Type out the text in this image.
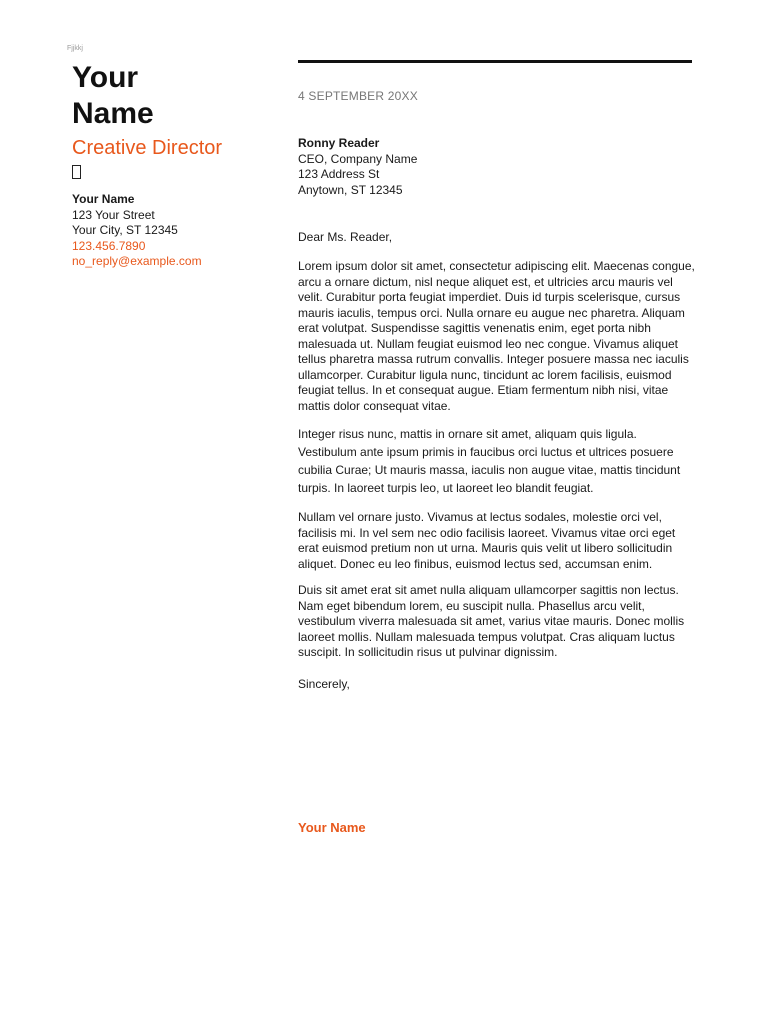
Fjjkkj
Your
Name
Creative Director
Your Name
123 Your Street
Your City, ST 12345
123.456.7890
no_reply@example.com
4 SEPTEMBER 20XX
Ronny Reader
CEO, Company Name
123 Address St
Anytown, ST 12345
Dear Ms. Reader,

Lorem ipsum dolor sit amet, consectetur adipiscing elit. Maecenas congue, arcu a ornare dictum, nisl neque aliquet est, et ultricies arcu mauris vel velit. Curabitur porta feugiat imperdiet. Duis id turpis scelerisque, cursus mauris iaculis, tempus orci. Nulla ornare eu augue nec pharetra. Aliquam erat volutpat. Suspendisse sagittis venenatis enim, eget porta nibh malesuada ut. Nullam feugiat euismod leo nec congue. Vivamus aliquet tellus pharetra massa rutrum convallis. Integer posuere massa nec iaculis ullamcorper. Curabitur ligula nunc, tincidunt ac lorem facilisis, euismod feugiat tellus. In et consequat augue. Etiam fermentum nibh nisi, vitae mattis dolor consequat vitae.

Integer risus nunc, mattis in ornare sit amet, aliquam quis ligula. Vestibulum ante ipsum primis in faucibus orci luctus et ultrices posuere cubilia Curae; Ut mauris massa, iaculis non augue vitae, mattis tincidunt turpis. In laoreet turpis leo, ut laoreet leo blandit feugiat.

Nullam vel ornare justo. Vivamus at lectus sodales, molestie orci vel, facilisis mi. In vel sem nec odio facilisis laoreet. Vivamus vitae orci eget erat euismod pretium non ut urna. Mauris quis velit ut libero sollicitudin aliquet. Donec eu leo finibus, euismod lectus sed, accumsan enim.

Duis sit amet erat sit amet nulla aliquam ullamcorper sagittis non lectus. Nam eget bibendum lorem, eu suscipit nulla. Phasellus arcu velit, vestibulum viverra malesuada sit amet, varius vitae mauris. Donec mollis laoreet mollis. Nullam malesuada tempus volutpat. Cras aliquam luctus suscipit. In sollicitudin risus ut pulvinar dignissim.

Sincerely,
Your Name
